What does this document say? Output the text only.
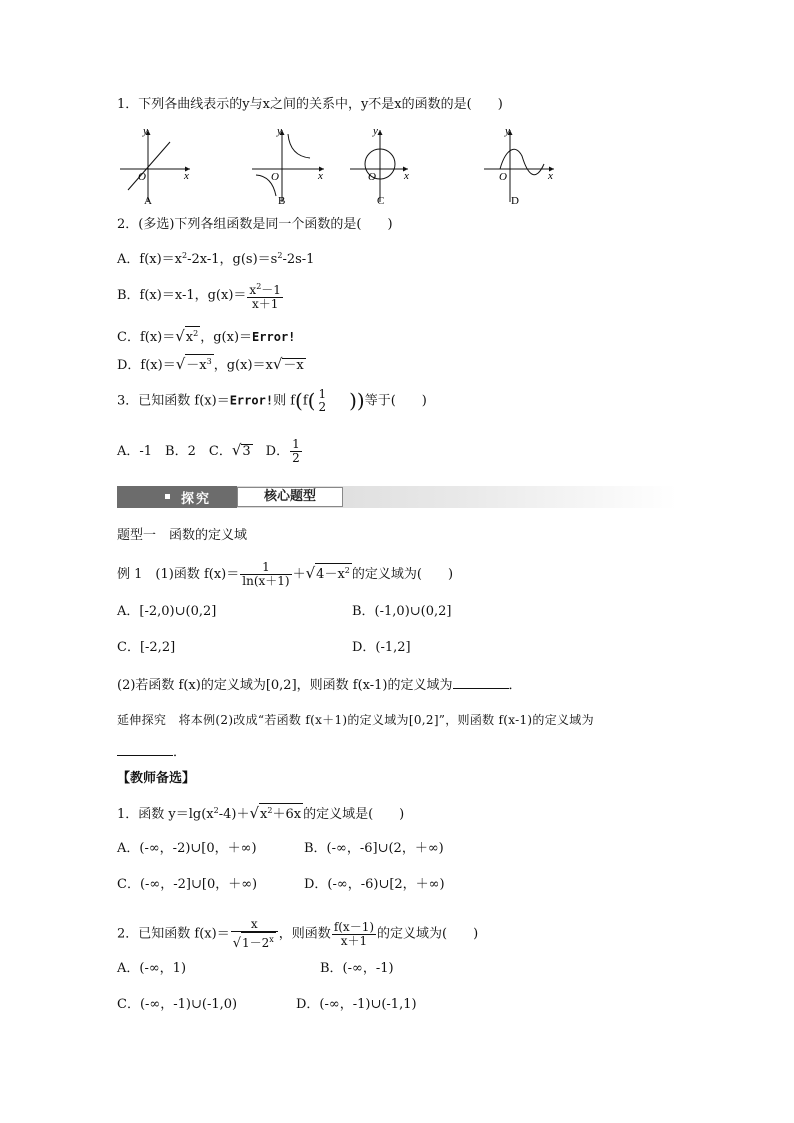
1．下列各曲线表示的y与x之间的关系中，y不是x的函数的是(　　)
y
x
O
A
y
x
O
B
y
x
O
C
y
x
O
D
2．(多选)下列各组函数是同一个函数的是(　　)
A．$f(x)=x^2-2x-1$，$g(s)=s^2-2s-1$
B．f(x)＝x-1，$g(x)= \frac{x^2-1}{x+1}$
C．$f(x)=√x^2$ ，g(x)＝Error!
D．$f(x)=√-x^3$ ，g(x)＝x√－x
3．已知函数 f(x)＝Error!则 f(f( 1
2 ))等于(　　)
A．-1　B．2　C．√3　D． $\frac{1}{2}$
探究	核心题型
题型一　函数的定义域
例 1　(1)函数 $f(x)= \frac{1}{\ln(x+1)} +√4-x^2$ 的定义域为(　　)
A．[-2,0)∪(0,2]	B．(-1,0)∪(0,2]
C．[-2,2]	D．(-1,2]
(2)若函数 f(x)的定义域为[0,2]，则函数 f(x-1)的定义域为	．
延伸探究　将本例(2)改成“若函数 f(x＋1)的定义域为[0,2]”，则函数 f(x-1)的定义域为
．
【教师备选】
1．函数 $y=\lg(x^2-4)+√x^2+6x$ 的定义域是(　　)
A．(-∞，-2)∪[0，＋∞)	B．(-∞，-6]∪(2，＋∞)
C．(-∞，-2]∪[0，＋∞)	D．(-∞，-6)∪[2，＋∞)
2．已知函数 $f(x)= \frac{x}{√1-2^x}$ ，则函数 $\frac{f(x-1)}{x+1}$ 的定义域为(　　)
A．(-∞，1)	B．(-∞，-1)
C．(-∞，-1)∪(-1,0)	D．(-∞，-1)∪(-1,1)
